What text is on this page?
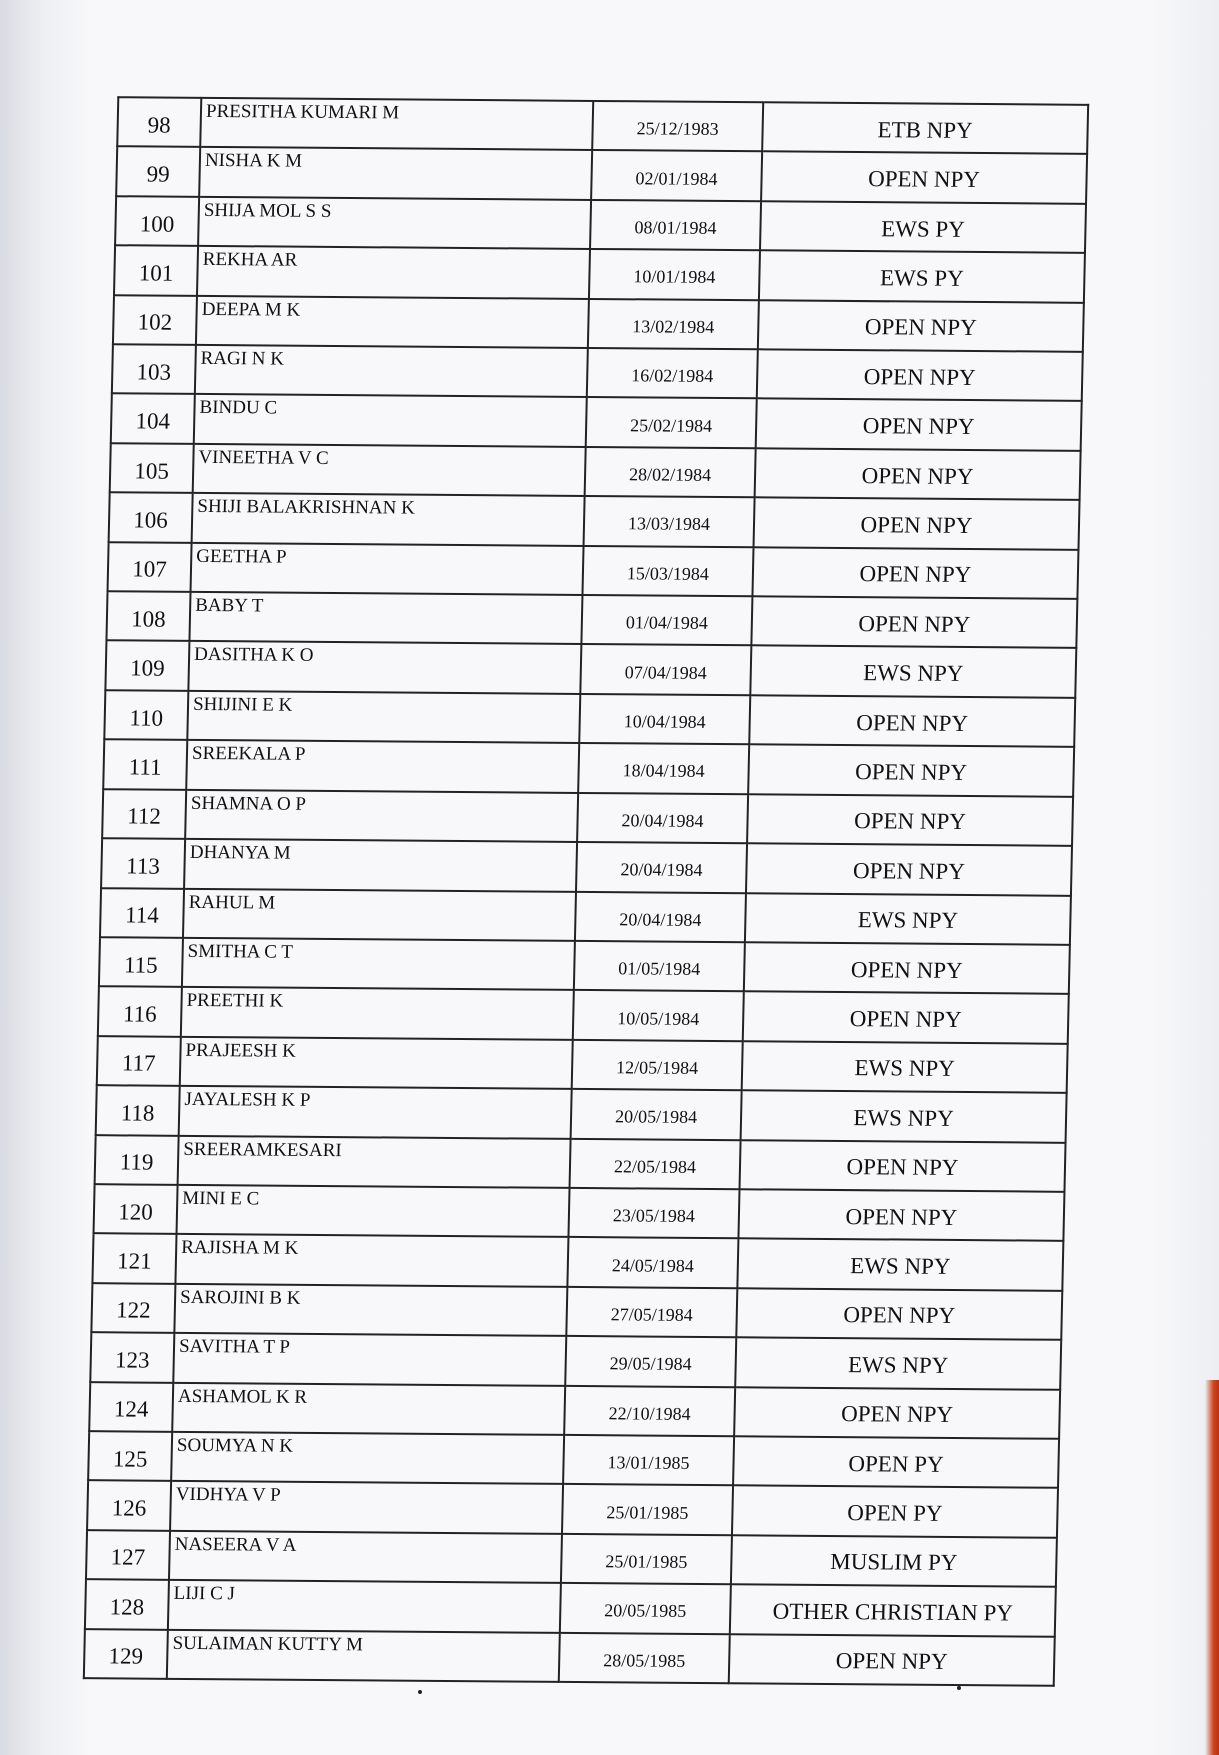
98	PRESITHA KUMARI M	25/12/1983	ETB NPY
99	NISHA K M	02/01/1984	OPEN NPY
100	SHIJA MOL S S	08/01/1984	EWS PY
101	REKHA AR	10/01/1984	EWS PY
102	DEEPA M K	13/02/1984	OPEN NPY
103	RAGI N K	16/02/1984	OPEN NPY
104	BINDU C	25/02/1984	OPEN NPY
105	VINEETHA V C	28/02/1984	OPEN NPY
106	SHIJI BALAKRISHNAN K	13/03/1984	OPEN NPY
107	GEETHA P	15/03/1984	OPEN NPY
108	BABY T	01/04/1984	OPEN NPY
109	DASITHA K O	07/04/1984	EWS NPY
110	SHIJINI E K	10/04/1984	OPEN NPY
111	SREEKALA P	18/04/1984	OPEN NPY
112	SHAMNA O P	20/04/1984	OPEN NPY
113	DHANYA M	20/04/1984	OPEN NPY
114	RAHUL M	20/04/1984	EWS NPY
115	SMITHA C T	01/05/1984	OPEN NPY
116	PREETHI K	10/05/1984	OPEN NPY
117	PRAJEESH K	12/05/1984	EWS NPY
118	JAYALESH K P	20/05/1984	EWS NPY
119	SREERAMKESARI	22/05/1984	OPEN NPY
120	MINI E C	23/05/1984	OPEN NPY
121	RAJISHA M K	24/05/1984	EWS NPY
122	SAROJINI B K	27/05/1984	OPEN NPY
123	SAVITHA T P	29/05/1984	EWS NPY
124	ASHAMOL K R	22/10/1984	OPEN NPY
125	SOUMYA N K	13/01/1985	OPEN PY
126	VIDHYA V P	25/01/1985	OPEN PY
127	NASEERA V A	25/01/1985	MUSLIM PY
128	LIJI C J	20/05/1985	OTHER CHRISTIAN PY
129	SULAIMAN KUTTY M	28/05/1985	OPEN NPY
